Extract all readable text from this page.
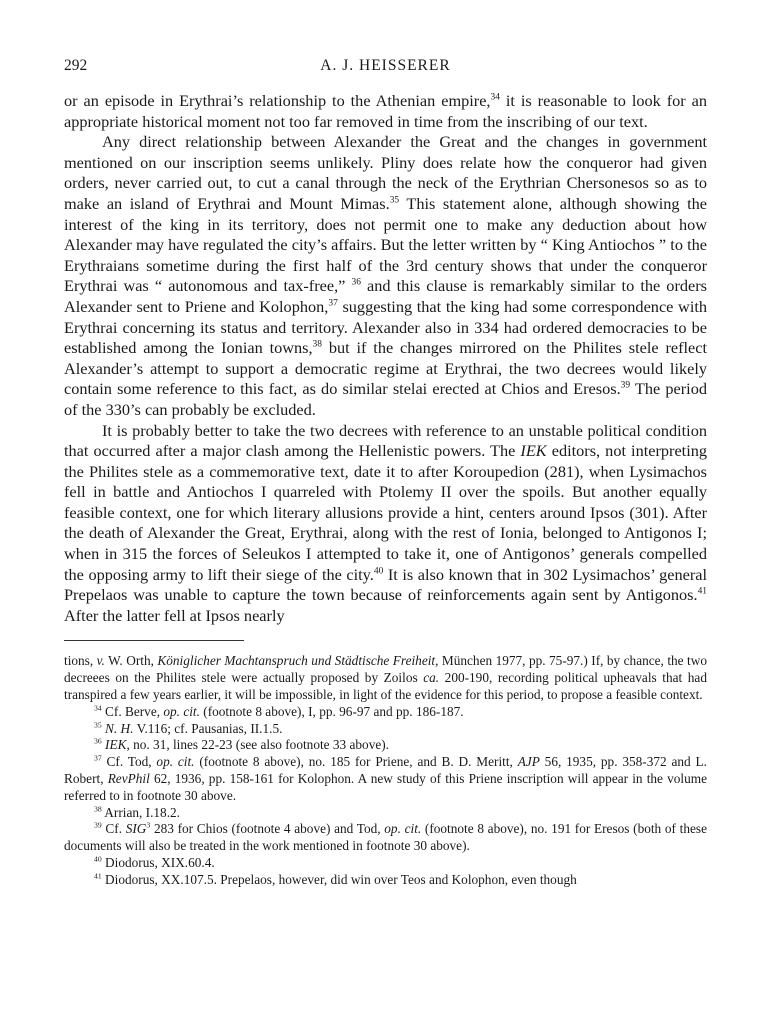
292	A. J. HEISSERER

or an episode in Erythrai’s relationship to the Athenian empire,$^{34}$ it is reasonable to look for an appropriate historical moment not too far removed in time from the inscribing of our text.

Any direct relationship between Alexander the Great and the changes in government mentioned on our inscription seems unlikely. Pliny does relate how the conqueror had given orders, never carried out, to cut a canal through the neck of the Erythrian Chersonesos so as to make an island of Erythrai and Mount Mimas.$^{35}$ This statement alone, although showing the interest of the king in its territory, does not permit one to make any deduction about how Alexander may have regulated the city’s affairs. But the letter written by “ King Antiochos ” to the Erythraians sometime during the first half of the 3rd century shows that under the conqueror Erythrai was “ autonomous and tax-free,” $^{36}$ and this clause is remarkably similar to the orders Alexander sent to Priene and Kolophon,$^{37}$ suggesting that the king had some correspondence with Erythrai concerning its status and territory. Alexander also in 334 had ordered democracies to be established among the Ionian towns,$^{38}$ but if the changes mirrored on the Philites stele reflect Alexander’s attempt to support a democratic regime at Erythrai, the two decrees would likely contain some reference to this fact, as do similar stelai erected at Chios and Eresos.$^{39}$ The period of the 330’s can probably be excluded.

It is probably better to take the two decrees with reference to an unstable political condition that occurred after a major clash among the Hellenistic powers. The IEK editors, not interpreting the Philites stele as a commemorative text, date it to after Koroupedion (281), when Lysimachos fell in battle and Antiochos I quarreled with Ptolemy II over the spoils. But another equally feasible context, one for which literary allusions provide a hint, centers around Ipsos (301). After the death of Alexander the Great, Erythrai, along with the rest of Ionia, belonged to Antigonos I; when in 315 the forces of Seleukos I attempted to take it, one of Antigonos’ generals compelled the opposing army to lift their siege of the city.$^{40}$ It is also known that in 302 Lysimachos’ general Prepelaos was unable to capture the town because of reinforcements again sent by Antigonos.$^{41}$ After the latter fell at Ipsos nearly

tions, v. W. Orth, Königlicher Machtanspruch und Städtische Freiheit, München 1977, pp. 75-97.) If, by chance, the two decreees on the Philites stele were actually proposed by Zoilos ca. 200-190, recording political upheavals that had transpired a few years earlier, it will be impossible, in light of the evidence for this period, to propose a feasible context.

$^{34}$ Cf. Berve, op. cit. (footnote 8 above), I, pp. 96-97 and pp. 186-187.

$^{35}$ N. H. V.116; cf. Pausanias, II.1.5.

$^{36}$ IEK, no. 31, lines 22-23 (see also footnote 33 above).

$^{37}$ Cf. Tod, op. cit. (footnote 8 above), no. 185 for Priene, and B. D. Meritt, AJP 56, 1935, pp. 358-372 and L. Robert, RevPhil 62, 1936, pp. 158-161 for Kolophon. A new study of this Priene inscription will appear in the volume referred to in footnote 30 above.

$^{38}$ Arrian, I.18.2.

$^{39}$ Cf. SIG$^3$ 283 for Chios (footnote 4 above) and Tod, op. cit. (footnote 8 above), no. 191 for Eresos (both of these documents will also be treated in the work mentioned in footnote 30 above).

$^{40}$ Diodorus, XIX.60.4.

$^{41}$ Diodorus, XX.107.5. Prepelaos, however, did win over Teos and Kolophon, even though
